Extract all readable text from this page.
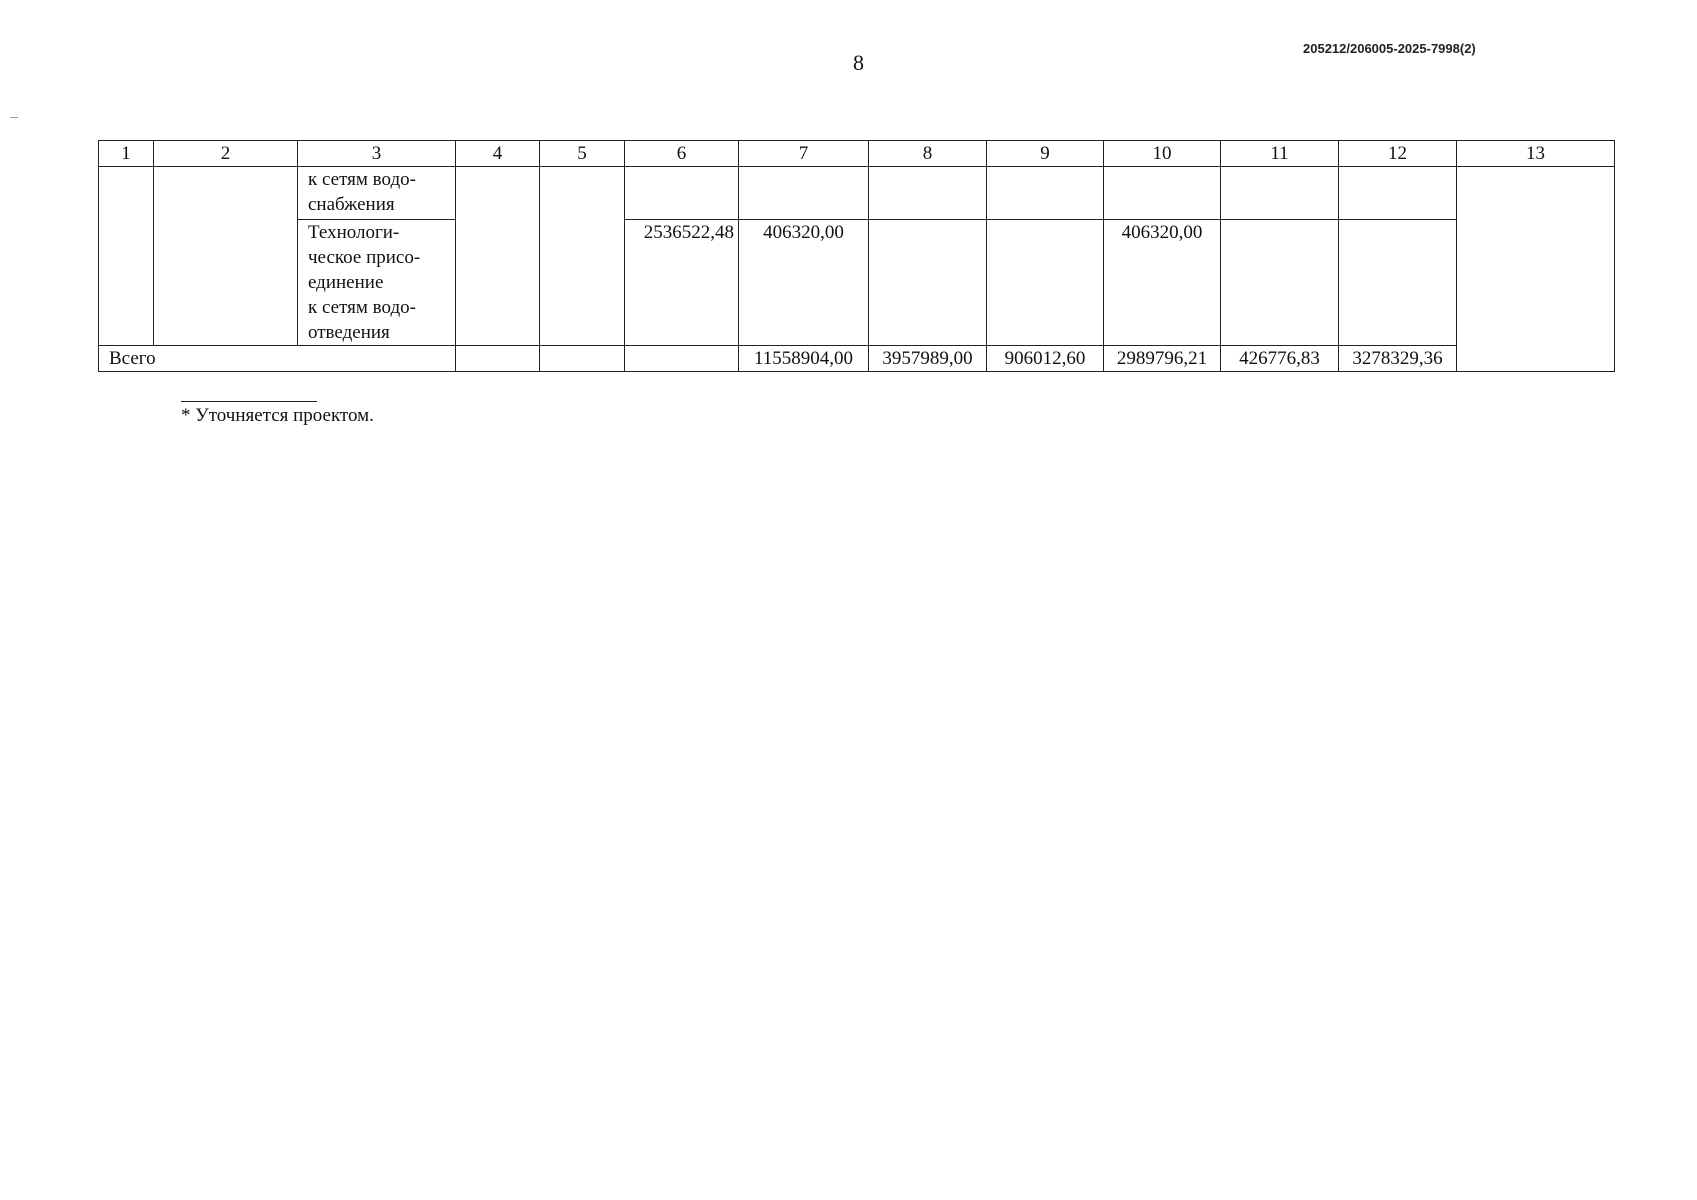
8
205212/206005-2025-7998(2)
1	2	3	4	5	6	7	8	9	10	11	12	13

		к сетям водо-
снабжения										

		Технологи-
ческое присо-
единение
к сетям водо-
отведения			2536522,48	406320,00			406320,00			
Всего						11558904,00	3957989,00	906012,60	2989796,21	426776,83	3278329,36	
* Уточняется проектом.
